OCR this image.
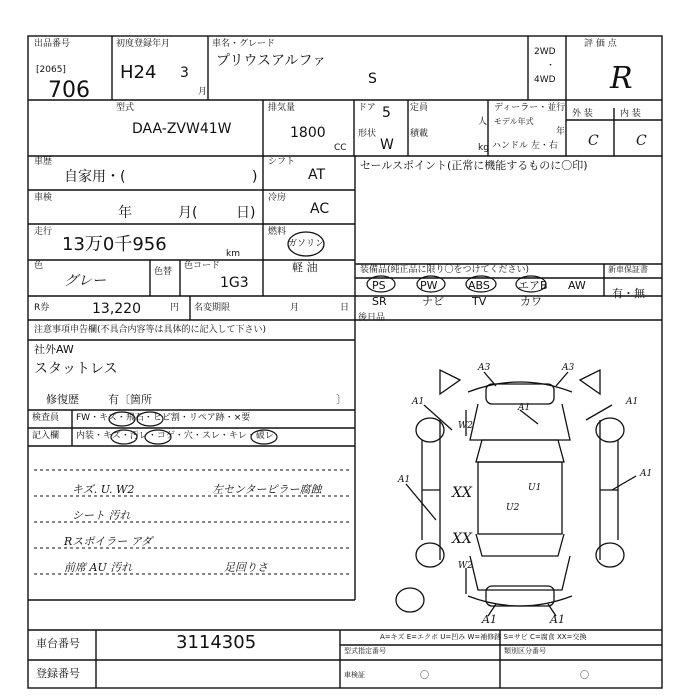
出品番号
[2065]
706
初度登録年月
H24 3
月
車名・グレード
プリウスアルファ
S
2WD
・
4WD
評 価 点
R
外 装	内 装
C	C
型式
DAA-ZVW41W
排気量
1800
CC
ドア 5 定員
人
形状
W
積載
kg
ディーラー・並行
モデル年式
年
ハンドル 左・右
車歴
自家用・(	)
シフト
AT
セールスポイント(正常に機能するものに〇印)
車検
年	月(	日)
冷房
AC
走行
13万0千956	km
燃料
ガソリン
軽 油
色
グレー
色替
色コード
1G3
装備品(純正品に限り〇をつけてください)	新車保証書
PS	PW	ABS	エアB AW
SR	ナビ	TV	カワ
有・無
R券	13,220	円 名変期限	月	日
後日品
注意事項申告欄(不具合内容等は具体的に記入して下さい)
社外AW
スタットレス
修復歴	有〔箇所	〕
検査員 FW・キズ・飛石・ヒビ割・リペア跡・×要
記入欄 内装・キズ・汚レ・コゲ・穴・スレ・キレ・破レ
キズ. U. W2
シート 汚れ
Rスポイラー アダ
前席 AU 汚れ
左センターピラー腐蝕
足回りさ
A3	A3
A1	A1
W2
A1
A1
A1
XX	U1
U2
XX
W2
A1	A1
A=キズ E=エクボ U=凹み W=補修跡 S=サビ C=腐食 XX=交換
車台番号	3114305
登録番号
型式指定番号	類別区分番号
車検証	〇	〇
